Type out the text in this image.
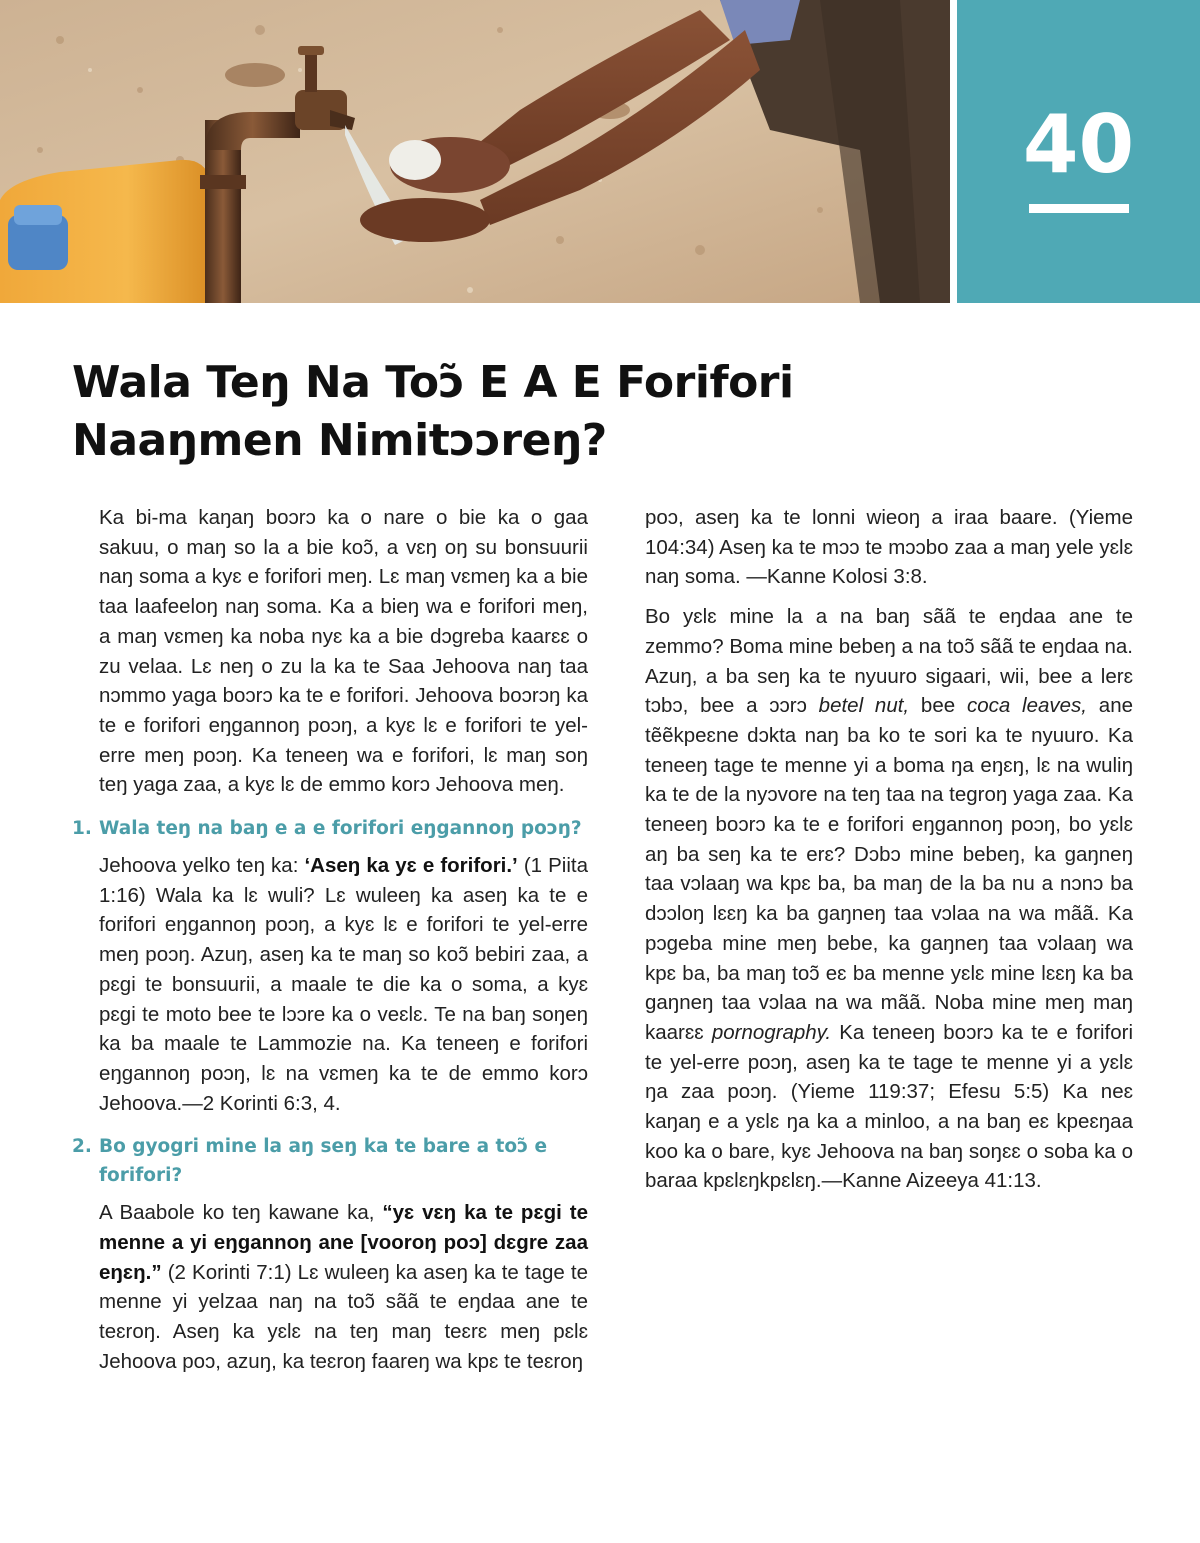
40
Wala Teŋ Na Toɔ̃ E A E Forifori Naaŋmen Nimitɔɔreŋ?

Ka bi-ma kaŋaŋ boɔrɔ ka o nare o bie ka o gaa sakuu, o maŋ so la a bie koɔ̃, a vɛŋ oŋ su bonsuurii naŋ soma a kyɛ e forifori meŋ. Lɛ maŋ vɛmeŋ ka a bie taa laafeeloŋ naŋ soma. Ka a bieŋ wa e forifori meŋ, a maŋ vɛmeŋ ka noba nyɛ ka a bie dɔgreba kaarɛɛ o zu velaa. Lɛ neŋ o zu la ka te Saa Jehoova naŋ taa nɔmmo yaga boɔrɔ ka te e forifori. Jehoova boɔrɔŋ ka te e forifori eŋgannoŋ poɔŋ, a kyɛ lɛ e forifori te yel-erre meŋ poɔŋ. Ka teneeŋ wa e forifori, lɛ maŋ soŋ teŋ yaga zaa, a kyɛ lɛ de emmo korɔ Jehoova meŋ.

1. Wala teŋ na baŋ e a e forifori eŋgannoŋ poɔŋ?

Jehoova yelko teŋ ka: ‘Aseŋ ka yɛ e forifori.’ (1 Piita 1:16) Wala ka lɛ wuli? Lɛ wuleeŋ ka aseŋ ka te e forifori eŋgannoŋ poɔŋ, a kyɛ lɛ e forifori te yel-erre meŋ poɔŋ. Azuŋ, aseŋ ka te maŋ so koɔ̃ bebiri zaa, a pɛgi te bonsuurii, a maale te die ka o soma, a kyɛ pɛgi te moto bee te lɔɔre ka o veɛlɛ. Te na baŋ soŋeŋ ka ba maale te Lammozie na. Ka teneeŋ e forifori eŋgannoŋ poɔŋ, lɛ na vɛmeŋ ka te de emmo korɔ Jehoova.—2 Korinti 6:3, 4.

2. Bo gyogri mine la aŋ seŋ ka te bare a toɔ̃ e forifori?

A Baabole ko teŋ kawane ka, “yɛ vɛŋ ka te pɛgi te menne a yi eŋgannoŋ ane [vooroŋ poɔ] dɛgre zaa eŋɛŋ.” (2 Korinti 7:1) Lɛ wuleeŋ ka aseŋ ka te tage te menne yi yelzaa naŋ na toɔ̃ sãã te eŋdaa ane te teɛroŋ. Aseŋ ka yɛlɛ na teŋ maŋ teɛrɛ meŋ pɛlɛ Jehoova poɔ, azuŋ, ka teɛroŋ faareŋ wa kpɛ te teɛroŋ

poɔ, aseŋ ka te lonni wieoŋ a iraa baare. (Yieme 104:34) Aseŋ ka te mɔɔ te mɔɔbo zaa a maŋ yele yɛlɛ naŋ soma. —Kanne Kolosi 3:8.

Bo yɛlɛ mine la a na baŋ sãã te eŋdaa ane te zemmo? Boma mine bebeŋ a na toɔ̃ sãã te eŋdaa na. Azuŋ, a ba seŋ ka te nyuuro sigaari, wii, bee a lerɛ tɔbɔ, bee a ɔɔrɔ betel nut, bee coca leaves, ane tẽẽkpeɛne dɔkta naŋ ba ko te sori ka te nyuuro. Ka teneeŋ tage te menne yi a boma ŋa eŋɛŋ, lɛ na wuliŋ ka te de la nyɔvore na teŋ taa na tegroŋ yaga zaa. Ka teneeŋ boɔrɔ ka te e forifori eŋgannoŋ poɔŋ, bo yɛlɛ aŋ ba seŋ ka te erɛ? Dɔbɔ mine bebeŋ, ka gaŋneŋ taa vɔlaaŋ wa kpɛ ba, ba maŋ de la ba nu a nɔnɔ ba dɔɔloŋ lɛɛŋ ka ba gaŋneŋ taa vɔlaa na wa mãã. Ka pɔgeba mine meŋ bebe, ka gaŋneŋ taa vɔlaaŋ wa kpɛ ba, ba maŋ toɔ̃ eɛ ba menne yɛlɛ mine lɛɛŋ ka ba gaŋneŋ taa vɔlaa na wa mãã. Noba mine meŋ maŋ kaarɛɛ pornography. Ka teneeŋ boɔrɔ ka te e forifori te yel-erre poɔŋ, aseŋ ka te tage te menne yi a yɛlɛ ŋa zaa poɔŋ. (Yieme 119:37; Efesu 5:5) Ka neɛ kaŋaŋ e a yɛlɛ ŋa ka a minloo, a na baŋ eɛ kpeɛŋaa koo ka o bare, kyɛ Jehoova na baŋ soŋɛɛ o soba ka o baraa kpɛlɛŋkpɛlɛŋ.—Kanne Aizeeya 41:13.
